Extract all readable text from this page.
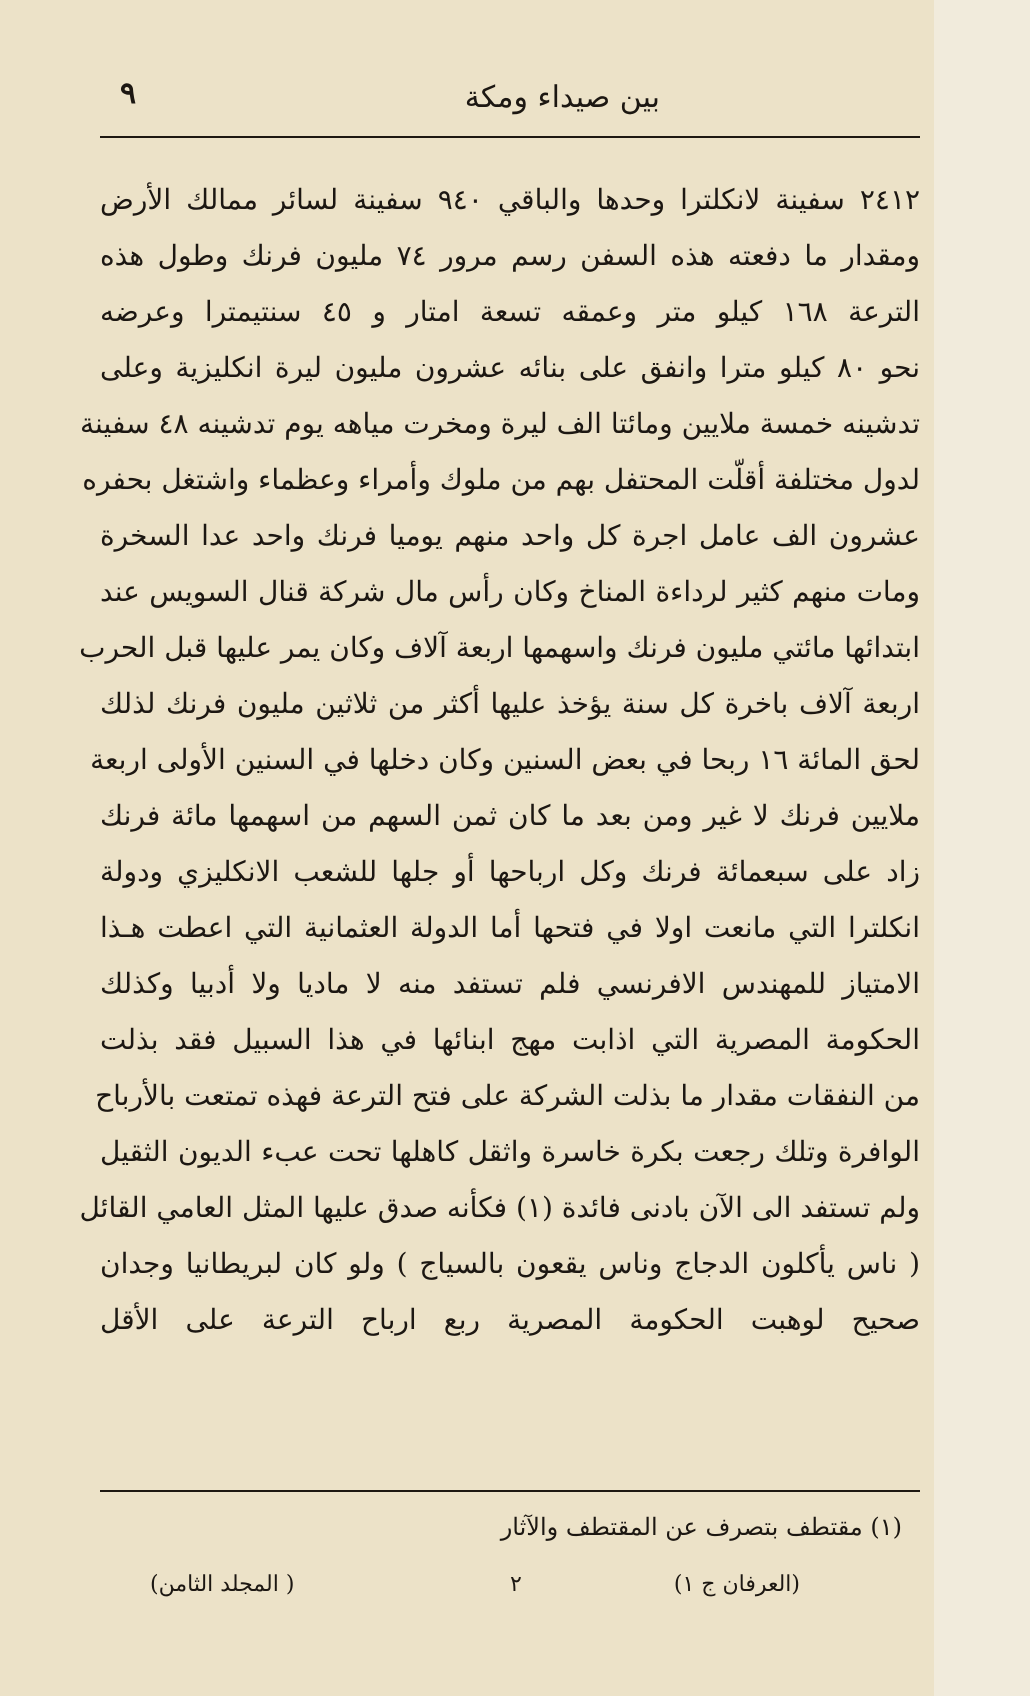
٩	بين صيداء ومكة
٢٤١٢ سفينة لانكلترا وحدها والباقي ٩٤٠ سفينة لسائر ممالك الأرض
ومقدار ما دفعته هذه السفن رسم مرور ٧٤ مليون فرنك وطول هذه
الترعة ١٦٨ كيلو متر وعمقه تسعة امتار و ٤٥ سنتيمترا وعرضه
نحو ٨٠ كيلو مترا وانفق على بنائه عشرون مليون ليرة انكليزية وعلى
تدشينه خمسة ملايين ومائتا الف ليرة ومخرت مياهه يوم تدشينه ٤٨ سفينة
لدول مختلفة أقلّت المحتفل بهم من ملوك وأمراء وعظماء واشتغل بحفره
عشرون الف عامل اجرة كل واحد منهم يوميا فرنك واحد عدا السخرة
ومات منهم كثير لرداءة المناخ وكان رأس مال شركة قنال السويس عند
ابتدائها مائتي مليون فرنك واسهمها اربعة آلاف وكان يمر عليها قبل الحرب
اربعة آلاف باخرة كل سنة يؤخذ عليها أكثر من ثلاثين مليون فرنك لذلك
لحق المائة ١٦ ربحا في بعض السنين وكان دخلها في السنين الأولى اربعة
ملايين فرنك لا غير ومن بعد ما كان ثمن السهم من اسهمها مائة فرنك
زاد على سبعمائة فرنك وكل ارباحها أو جلها للشعب الانكليزي ودولة
انكلترا التي مانعت اولا في فتحها أما الدولة العثمانية التي اعطت هـذا
الامتياز للمهندس الافرنسي فلم تستفد منه لا ماديا ولا أدبيا وكذلك
الحكومة المصرية التي اذابت مهج ابنائها في هذا السبيل فقد بذلت
من النفقات مقدار ما بذلت الشركة على فتح الترعة فهذه تمتعت بالأرباح
الوافرة وتلك رجعت بكرة خاسرة واثقل كاهلها تحت عبء الديون الثقيل
ولم تستفد الى الآن بادنى فائدة (١) فكأنه صدق عليها المثل العامي القائل
( ناس يأكلون الدجاج وناس يقعون بالسياج ) ولو كان لبريطانيا وجدان
صحيح لوهبت الحكومة المصرية ربع ارباح الترعة على الأقل
(١) مقتطف بتصرف عن المقتطف والآثار
( المجلد الثامن)	٢	(العرفان ج ١)
